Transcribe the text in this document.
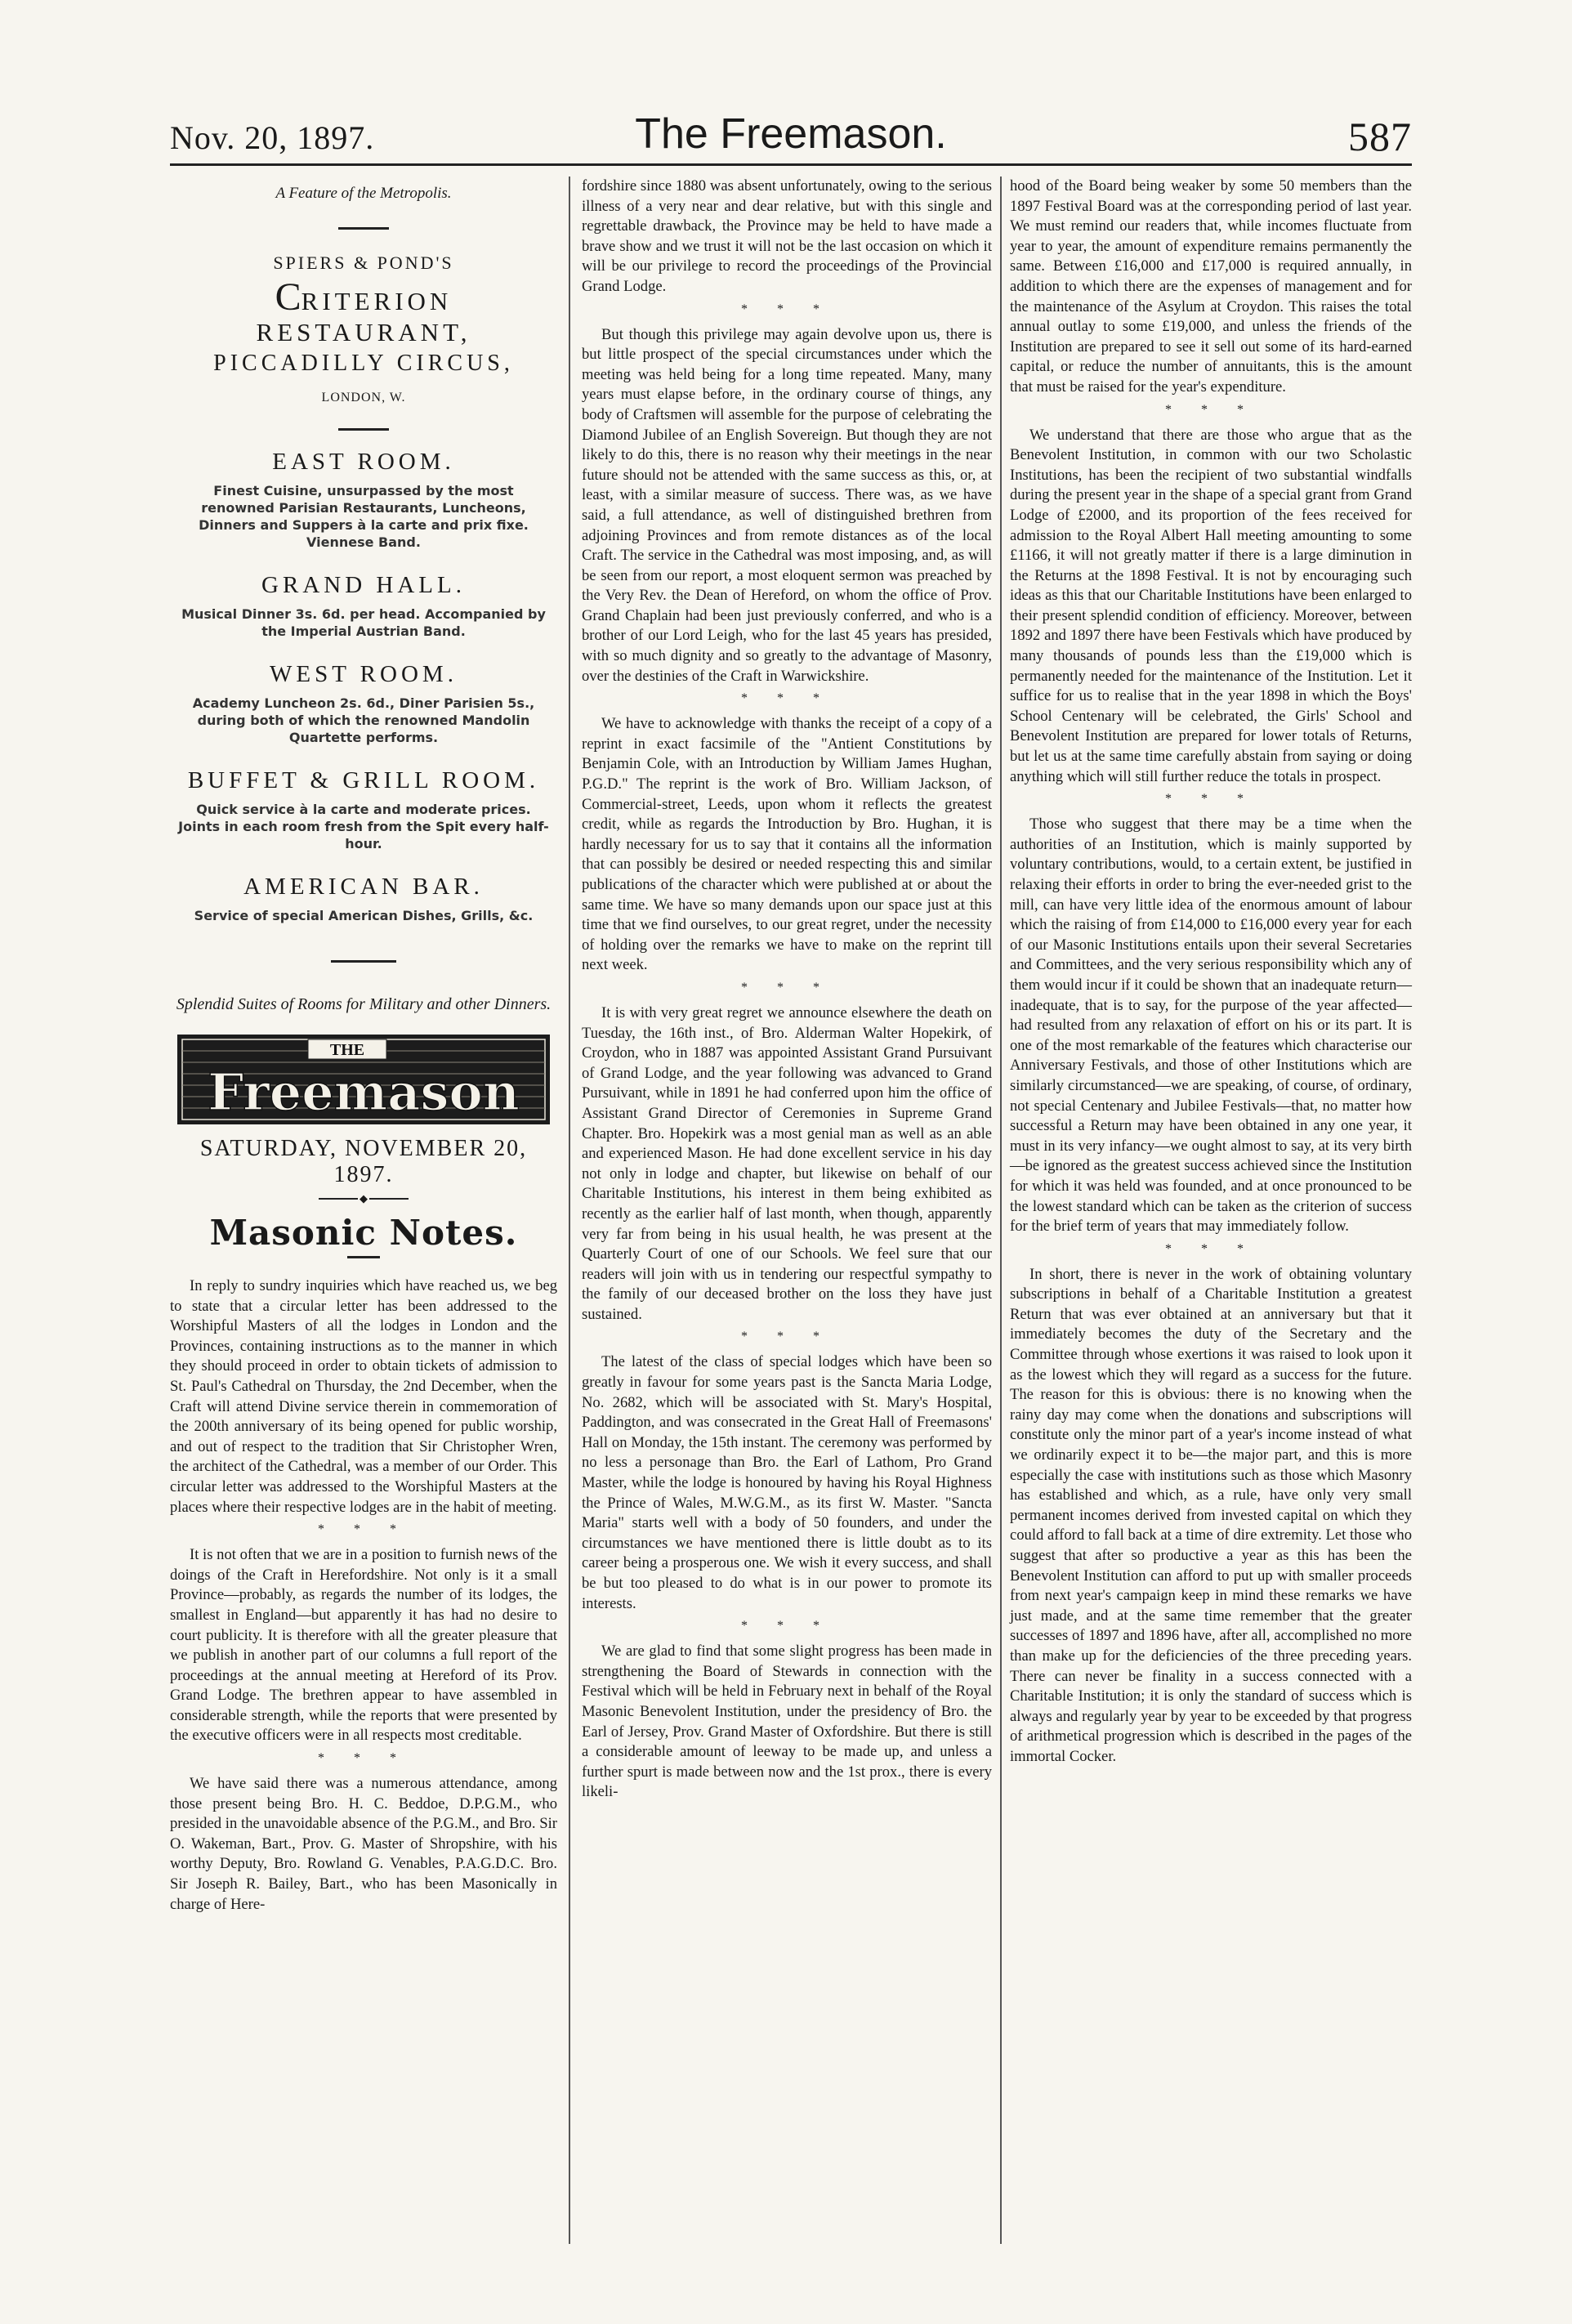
Nov. 20, 1897.	The Freemason.	587
A Feature of the Metropolis.
SPIERS & POND'S
CRITERION RESTAURANT,
PICCADILLY CIRCUS,
LONDON, W.
EAST ROOM.
Finest Cuisine, unsurpassed by the most renowned Parisian Restaurants, Luncheons, Dinners and Suppers à la carte and prix fixe. Viennese Band.
GRAND HALL.
Musical Dinner 3s. 6d. per head. Accompanied by the Imperial Austrian Band.
WEST ROOM.
Academy Luncheon 2s. 6d., Diner Parisien 5s., during both of which the renowned Mandolin Quartette performs.
BUFFET & GRILL ROOM.
Quick service à la carte and moderate prices. Joints in each room fresh from the Spit every half-hour.
AMERICAN BAR.
Service of special American Dishes, Grills, &c.
Splendid Suites of Rooms for Military and other Dinners.
THE
Freemason
SATURDAY, NOVEMBER 20, 1897.
◆
Masonic Notes.

In reply to sundry inquiries which have reached us, we beg to state that a circular letter has been addressed to the Worshipful Masters of all the lodges in London and the Provinces, containing instructions as to the manner in which they should proceed in order to obtain tickets of admission to St. Paul's Cathedral on Thursday, the 2nd December, when the Craft will attend Divine service therein in commemoration of the 200th anniversary of its being opened for public worship, and out of respect to the tradition that Sir Christopher Wren, the architect of the Cathedral, was a member of our Order. This circular letter was addressed to the Worshipful Masters at the places where their respective lodges are in the habit of meeting.

* * *

It is not often that we are in a position to furnish news of the doings of the Craft in Herefordshire. Not only is it a small Province—probably, as regards the number of its lodges, the smallest in England—but apparently it has had no desire to court publicity. It is therefore with all the greater pleasure that we publish in another part of our columns a full report of the proceedings at the annual meeting at Hereford of its Prov. Grand Lodge. The brethren appear to have assembled in considerable strength, while the reports that were presented by the executive officers were in all respects most creditable.

* * *

We have said there was a numerous attendance, among those present being Bro. H. C. Beddoe, D.P.G.M., who presided in the unavoidable absence of the P.G.M., and Bro. Sir O. Wakeman, Bart., Prov. G. Master of Shropshire, with his worthy Deputy, Bro. Rowland G. Venables, P.A.G.D.C. Bro. Sir Joseph R. Bailey, Bart., who has been Masonically in charge of Here-

fordshire since 1880 was absent unfortunately, owing to the serious illness of a very near and dear relative, but with this single and regrettable drawback, the Province may be held to have made a brave show and we trust it will not be the last occasion on which it will be our privilege to record the proceedings of the Provincial Grand Lodge.

* * *

But though this privilege may again devolve upon us, there is but little prospect of the special circumstances under which the meeting was held being for a long time repeated. Many, many years must elapse before, in the ordinary course of things, any body of Craftsmen will assemble for the purpose of celebrating the Diamond Jubilee of an English Sovereign. But though they are not likely to do this, there is no reason why their meetings in the near future should not be attended with the same success as this, or, at least, with a similar measure of success. There was, as we have said, a full attendance, as well of distinguished brethren from adjoining Provinces and from remote distances as of the local Craft. The service in the Cathedral was most imposing, and, as will be seen from our report, a most eloquent sermon was preached by the Very Rev. the Dean of Hereford, on whom the office of Prov. Grand Chaplain had been just previously conferred, and who is a brother of our Lord Leigh, who for the last 45 years has presided, with so much dignity and so greatly to the advantage of Masonry, over the destinies of the Craft in Warwickshire.

* * *

We have to acknowledge with thanks the receipt of a copy of a reprint in exact facsimile of the "Antient Constitutions by Benjamin Cole, with an Introduction by William James Hughan, P.G.D." The reprint is the work of Bro. William Jackson, of Commercial-street, Leeds, upon whom it reflects the greatest credit, while as regards the Introduction by Bro. Hughan, it is hardly necessary for us to say that it contains all the information that can possibly be desired or needed respecting this and similar publications of the character which were published at or about the same time. We have so many demands upon our space just at this time that we find ourselves, to our great regret, under the necessity of holding over the remarks we have to make on the reprint till next week.

* * *

It is with very great regret we announce elsewhere the death on Tuesday, the 16th inst., of Bro. Alderman Walter Hopekirk, of Croydon, who in 1887 was appointed Assistant Grand Pursuivant of Grand Lodge, and the year following was advanced to Grand Pursuivant, while in 1891 he had conferred upon him the office of Assistant Grand Director of Ceremonies in Supreme Grand Chapter. Bro. Hopekirk was a most genial man as well as an able and experienced Mason. He had done excellent service in his day not only in lodge and chapter, but likewise on behalf of our Charitable Institutions, his interest in them being exhibited as recently as the earlier half of last month, when though, apparently very far from being in his usual health, he was present at the Quarterly Court of one of our Schools. We feel sure that our readers will join with us in tendering our respectful sympathy to the family of our deceased brother on the loss they have just sustained.

* * *

The latest of the class of special lodges which have been so greatly in favour for some years past is the Sancta Maria Lodge, No. 2682, which will be associated with St. Mary's Hospital, Paddington, and was consecrated in the Great Hall of Freemasons' Hall on Monday, the 15th instant. The ceremony was performed by no less a personage than Bro. the Earl of Lathom, Pro Grand Master, while the lodge is honoured by having his Royal Highness the Prince of Wales, M.W.G.M., as its first W. Master. "Sancta Maria" starts well with a body of 50 founders, and under the circumstances we have mentioned there is little doubt as to its career being a prosperous one. We wish it every success, and shall be but too pleased to do what is in our power to promote its interests.

* * *

We are glad to find that some slight progress has been made in strengthening the Board of Stewards in connection with the Festival which will be held in February next in behalf of the Royal Masonic Benevolent Institution, under the presidency of Bro. the Earl of Jersey, Prov. Grand Master of Oxfordshire. But there is still a considerable amount of leeway to be made up, and unless a further spurt is made between now and the 1st prox., there is every likeli-

hood of the Board being weaker by some 50 members than the 1897 Festival Board was at the corresponding period of last year. We must remind our readers that, while incomes fluctuate from year to year, the amount of expenditure remains permanently the same. Between £16,000 and £17,000 is required annually, in addition to which there are the expenses of management and for the maintenance of the Asylum at Croydon. This raises the total annual outlay to some £19,000, and unless the friends of the Institution are prepared to see it sell out some of its hard-earned capital, or reduce the number of annuitants, this is the amount that must be raised for the year's expenditure.

* * *

We understand that there are those who argue that as the Benevolent Institution, in common with our two Scholastic Institutions, has been the recipient of two substantial windfalls during the present year in the shape of a special grant from Grand Lodge of £2000, and its proportion of the fees received for admission to the Royal Albert Hall meeting amounting to some £1166, it will not greatly matter if there is a large diminution in the Returns at the 1898 Festival. It is not by encouraging such ideas as this that our Charitable Institutions have been enlarged to their present splendid condition of efficiency. Moreover, between 1892 and 1897 there have been Festivals which have produced by many thousands of pounds less than the £19,000 which is permanently needed for the maintenance of the Institution. Let it suffice for us to realise that in the year 1898 in which the Boys' School Centenary will be celebrated, the Girls' School and Benevolent Institution are prepared for lower totals of Returns, but let us at the same time carefully abstain from saying or doing anything which will still further reduce the totals in prospect.

* * *

Those who suggest that there may be a time when the authorities of an Institution, which is mainly supported by voluntary contributions, would, to a certain extent, be justified in relaxing their efforts in order to bring the ever-needed grist to the mill, can have very little idea of the enormous amount of labour which the raising of from £14,000 to £16,000 every year for each of our Masonic Institutions entails upon their several Secretaries and Committees, and the very serious responsibility which any of them would incur if it could be shown that an inadequate return—inadequate, that is to say, for the purpose of the year affected—had resulted from any relaxation of effort on his or its part. It is one of the most remarkable of the features which characterise our Anniversary Festivals, and those of other Institutions which are similarly circumstanced—we are speaking, of course, of ordinary, not special Centenary and Jubilee Festivals—that, no matter how successful a Return may have been obtained in any one year, it must in its very infancy—we ought almost to say, at its very birth—be ignored as the greatest success achieved since the Institution for which it was held was founded, and at once pronounced to be the lowest standard which can be taken as the criterion of success for the brief term of years that may immediately follow.

* * *

In short, there is never in the work of obtaining voluntary subscriptions in behalf of a Charitable Institution a greatest Return that was ever obtained at an anniversary but that it immediately becomes the duty of the Secretary and the Committee through whose exertions it was raised to look upon it as the lowest which they will regard as a success for the future. The reason for this is obvious: there is no knowing when the rainy day may come when the donations and subscriptions will constitute only the minor part of a year's income instead of what we ordinarily expect it to be—the major part, and this is more especially the case with institutions such as those which Masonry has established and which, as a rule, have only very small permanent incomes derived from invested capital on which they could afford to fall back at a time of dire extremity. Let those who suggest that after so productive a year as this has been the Benevolent Institution can afford to put up with smaller proceeds from next year's campaign keep in mind these remarks we have just made, and at the same time remember that the greater successes of 1897 and 1896 have, after all, accomplished no more than make up for the deficiencies of the three preceding years. There can never be finality in a success connected with a Charitable Institution; it is only the standard of success which is always and regularly year by year to be exceeded by that progress of arithmetical progression which is described in the pages of the immortal Cocker.
